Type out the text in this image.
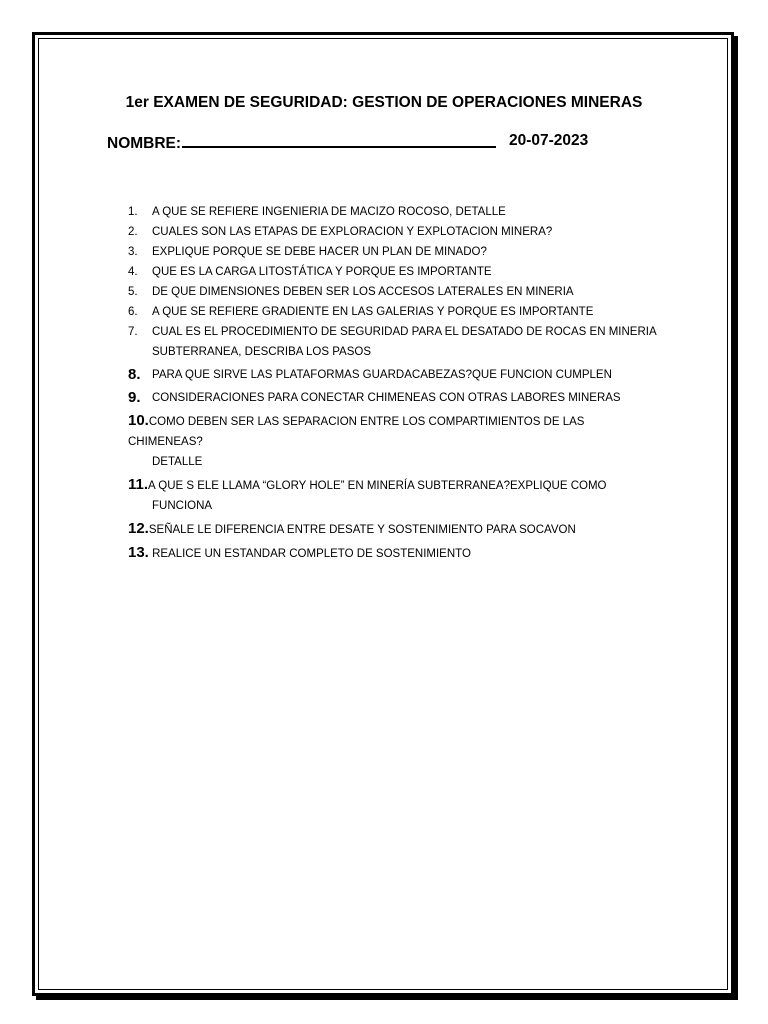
1er EXAMEN DE SEGURIDAD: GESTION DE OPERACIONES MINERAS
NOMBRE:	20-07-2023
1. A QUE SE REFIERE INGENIERIA DE MACIZO ROCOSO, DETALLE
2. CUALES SON LAS ETAPAS DE EXPLORACION Y EXPLOTACION MINERA?
3. EXPLIQUE PORQUE SE DEBE HACER UN PLAN DE MINADO?
4. QUE ES LA CARGA LITOSTÁTICA Y PORQUE ES IMPORTANTE
5. DE QUE DIMENSIONES DEBEN SER LOS ACCESOS LATERALES EN MINERIA
6. A QUE SE REFIERE GRADIENTE EN LAS GALERIAS Y PORQUE ES IMPORTANTE
7. CUAL ES EL PROCEDIMIENTO DE SEGURIDAD PARA EL DESATADO DE ROCAS EN MINERIA SUBTERRANEA, DESCRIBA LOS PASOS
8. PARA QUE SIRVE LAS PLATAFORMAS GUARDACABEZAS?QUE FUNCION CUMPLEN
9. CONSIDERACIONES PARA CONECTAR CHIMENEAS CON OTRAS LABORES MINERAS
10.COMO DEBEN SER LAS SEPARACION ENTRE LOS COMPARTIMIENTOS DE LAS CHIMENEAS?
DETALLE
11.A QUE S ELE LLAMA “GLORY HOLE” EN MINERÍA SUBTERRANEA?EXPLIQUE COMO
FUNCIONA
12.SEÑALE LE DIFERENCIA ENTRE DESATE Y SOSTENIMIENTO PARA SOCAVON
13. REALICE UN ESTANDAR COMPLETO DE SOSTENIMIENTO
